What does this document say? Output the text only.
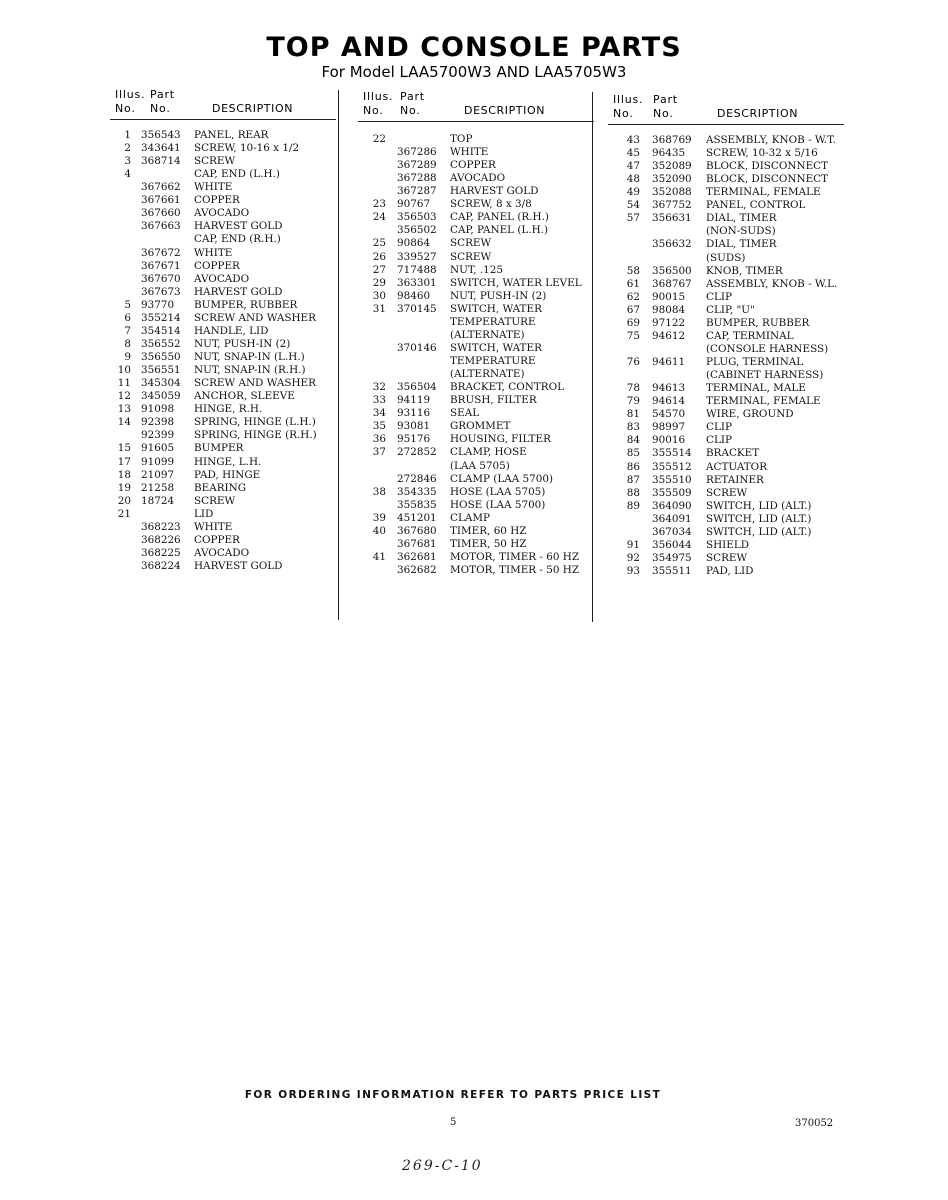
TOP AND CONSOLE PARTS
For Model LAA5700W3 AND LAA5705W3
Illus.
No.
Part
No.	DESCRIPTION
1 356543 PANEL, REAR
2 343641 SCREW, 10-16 x 1/2
3 368714 SCREW
4	CAP, END (L.H.)
367662 WHITE
367661 COPPER
367660 AVOCADO
367663 HARVEST GOLD
CAP, END (R.H.)
367672 WHITE
367671 COPPER
367670 AVOCADO
367673 HARVEST GOLD
5 93770 BUMPER, RUBBER
6 355214 SCREW AND WASHER
7 354514 HANDLE, LID
8 356552 NUT, PUSH-IN (2)
9 356550 NUT, SNAP-IN (L.H.)
10 356551 NUT, SNAP-IN (R.H.)
11 345304 SCREW AND WASHER
12 345059 ANCHOR, SLEEVE
13 91098 HINGE, R.H.
14 92398 SPRING, HINGE (L.H.)
92399 SPRING, HINGE (R.H.)
15 91605 BUMPER
17 91099 HINGE, L.H.
18 21097 PAD, HINGE
19 21258 BEARING
20 18724 SCREW
21	LID
368223 WHITE
368226 COPPER
368225 AVOCADO
368224 HARVEST GOLD
Illus.
No.
Part
No.	DESCRIPTION
22	TOP
367286 WHITE
367289 COPPER
367288 AVOCADO
367287 HARVEST GOLD
23 90767 SCREW, 8 x 3/8
24 356503 CAP, PANEL (R.H.)
356502 CAP, PANEL (L.H.)
25 90864 SCREW
26 339527 SCREW
27 717488 NUT, .125
29 363301 SWITCH, WATER LEVEL
30 98460 NUT, PUSH-IN (2)
31 370145 SWITCH, WATER
TEMPERATURE
(ALTERNATE)
370146 SWITCH, WATER
TEMPERATURE
(ALTERNATE)
32 356504 BRACKET, CONTROL
33 94119 BRUSH, FILTER
34 93116 SEAL
35 93081 GROMMET
36 95176 HOUSING, FILTER
37 272852 CLAMP, HOSE
(LAA 5705)
272846 CLAMP (LAA 5700)
38 354335 HOSE (LAA 5705)
355835 HOSE (LAA 5700)
39 451201 CLAMP
40 367680 TIMER, 60 HZ
367681 TIMER, 50 HZ
41 362681 MOTOR, TIMER - 60 HZ
362682 MOTOR, TIMER - 50 HZ
Illus.
No.
Part
No.	DESCRIPTION
43 368769 ASSEMBLY, KNOB - W.T.
45 96435 SCREW, 10-32 x 5/16
47 352089 BLOCK, DISCONNECT
48 352090 BLOCK, DISCONNECT
49 352088 TERMINAL, FEMALE
54 367752 PANEL, CONTROL
57 356631 DIAL, TIMER
(NON-SUDS)
356632 DIAL, TIMER
(SUDS)
58 356500 KNOB, TIMER
61 368767 ASSEMBLY, KNOB - W.L.
62 90015 CLIP
67 98084 CLIP, "U"
69 97122 BUMPER, RUBBER
75 94612 CAP, TERMINAL
(CONSOLE HARNESS)
76 94611 PLUG, TERMINAL
(CABINET HARNESS)
78 94613 TERMINAL, MALE
79 94614 TERMINAL, FEMALE
81 54570 WIRE, GROUND
83 98997 CLIP
84 90016 CLIP
85 355514 BRACKET
86 355512 ACTUATOR
87 355510 RETAINER
88 355509 SCREW
89 364090 SWITCH, LID (ALT.)
364091 SWITCH, LID (ALT.)
367034 SWITCH, LID (ALT.)
91 356044 SHIELD
92 354975 SCREW
93 355511 PAD, LID
FOR ORDERING INFORMATION REFER TO PARTS PRICE LIST
5	370052
269-C-10
